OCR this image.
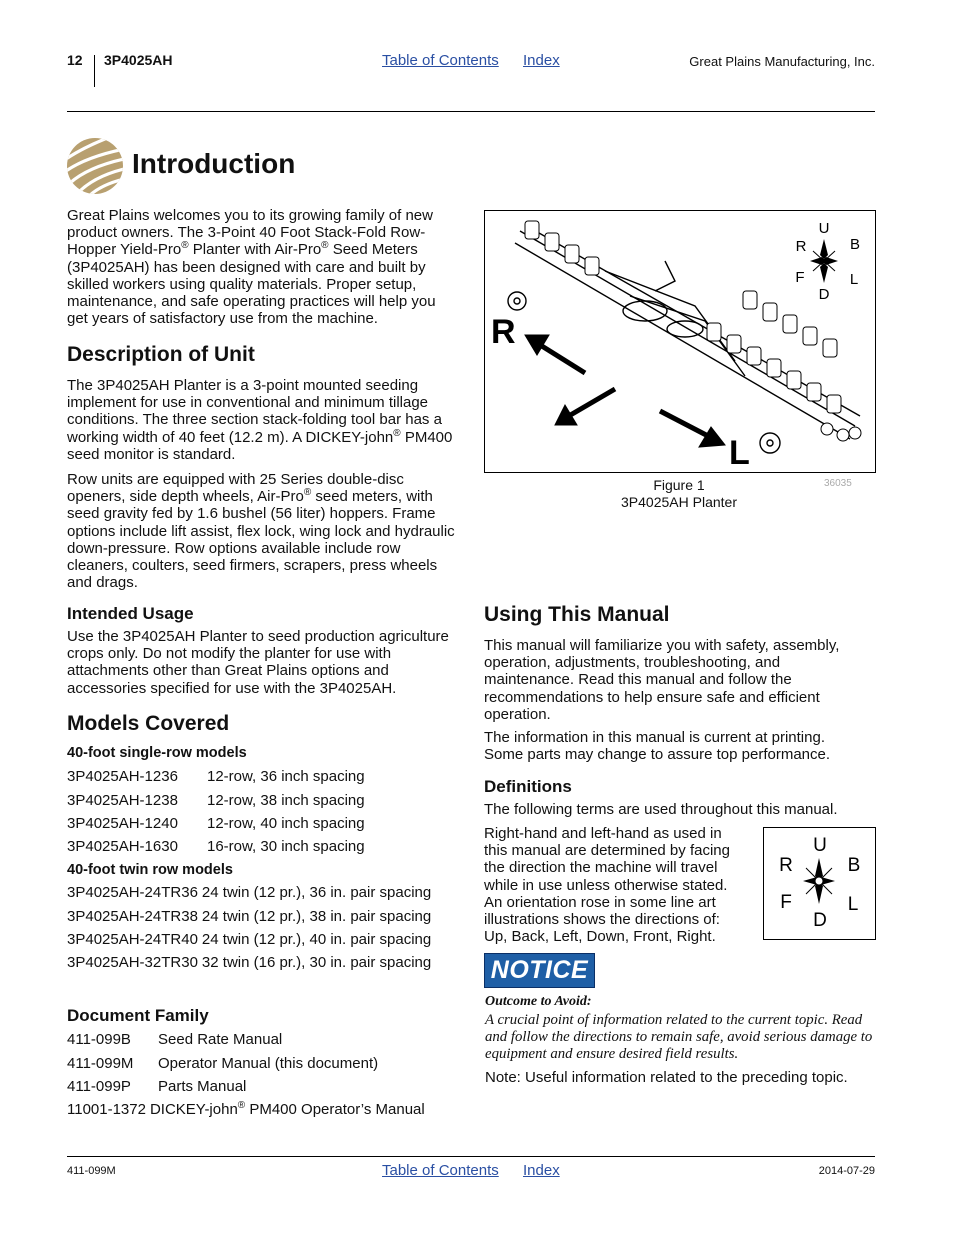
12 3P4025AH	Table of Contents Index	Great Plains Manufacturing, Inc.
Introduction

Great Plains welcomes you to its growing family of new product owners. The 3-Point 40 Foot Stack-Fold Row-Hopper Yield-Pro® Planter with Air-Pro® Seed Meters (3P4025AH) has been designed with care and built by skilled workers using quality materials. Proper setup, maintenance, and safe operating practices will help you get years of satisfactory use from the machine.

Description of Unit

The 3P4025AH Planter is a 3-point mounted seeding implement for use in conventional and minimum tillage conditions. The three section stack-folding tool bar has a working width of 40 feet (12.2 m). A DICKEY-john® PM400 seed monitor is standard.

Row units are equipped with 25 Series double-disc openers, side depth wheels, Air-Pro® seed meters, with seed gravity fed by 1.6 bushel (56 liter) hoppers. Frame options include lift assist, flex lock, wing lock and hydraulic down-pressure. Row options available include row cleaners, coulters, seed firmers, scrapers, press wheels and drags.

Intended Usage

Use the 3P4025AH Planter to seed production agriculture crops only. Do not modify the planter for use with attachments other than Great Plains options and accessories specified for use with the 3P4025AH.

Models Covered
40-foot single-row models
3P4025AH-1236	12-row, 36 inch spacing
3P4025AH-1238	12-row, 38 inch spacing
3P4025AH-1240	12-row, 40 inch spacing
3P4025AH-1630	16-row, 30 inch spacing
40-foot twin row models
3P4025AH-24TR36 24 twin (12 pr.), 36 in. pair spacing
3P4025AH-24TR38 24 twin (12 pr.), 38 in. pair spacing
3P4025AH-24TR40 24 twin (12 pr.), 40 in. pair spacing
3P4025AH-32TR30 32 twin (16 pr.), 30 in. pair spacing
Document Family
411-099B	Seed Rate Manual
411-099M	Operator Manual (this document)
411-099P	Parts Manual
11001-1372 DICKEY-john® PM400 Operator’s Manual
R
L
U
R	B
F	L
D
Figure 1
3P4025AH Planter
36035
Using This Manual

This manual will familiarize you with safety, assembly, operation, adjustments, troubleshooting, and maintenance. Read this manual and follow the recommendations to help ensure safe and efficient operation.

The information in this manual is current at printing. Some parts may change to assure top performance.

Definitions

The following terms are used throughout this manual.

Right-hand and left-hand as used in this manual are determined by facing the direction the machine will travel while in use unless otherwise stated. An orientation rose in some line art illustrations shows the directions of: Up, Back, Left, Down, Front, Right.

U
R	B
F	L
D
NOTICE
Outcome to Avoid:

A crucial point of information related to the current topic. Read and follow the directions to remain safe, avoid serious damage to equipment and ensure desired field results.

Note: Useful information related to the preceding topic.

411-099M	Table of Contents Index	2014-07-29
